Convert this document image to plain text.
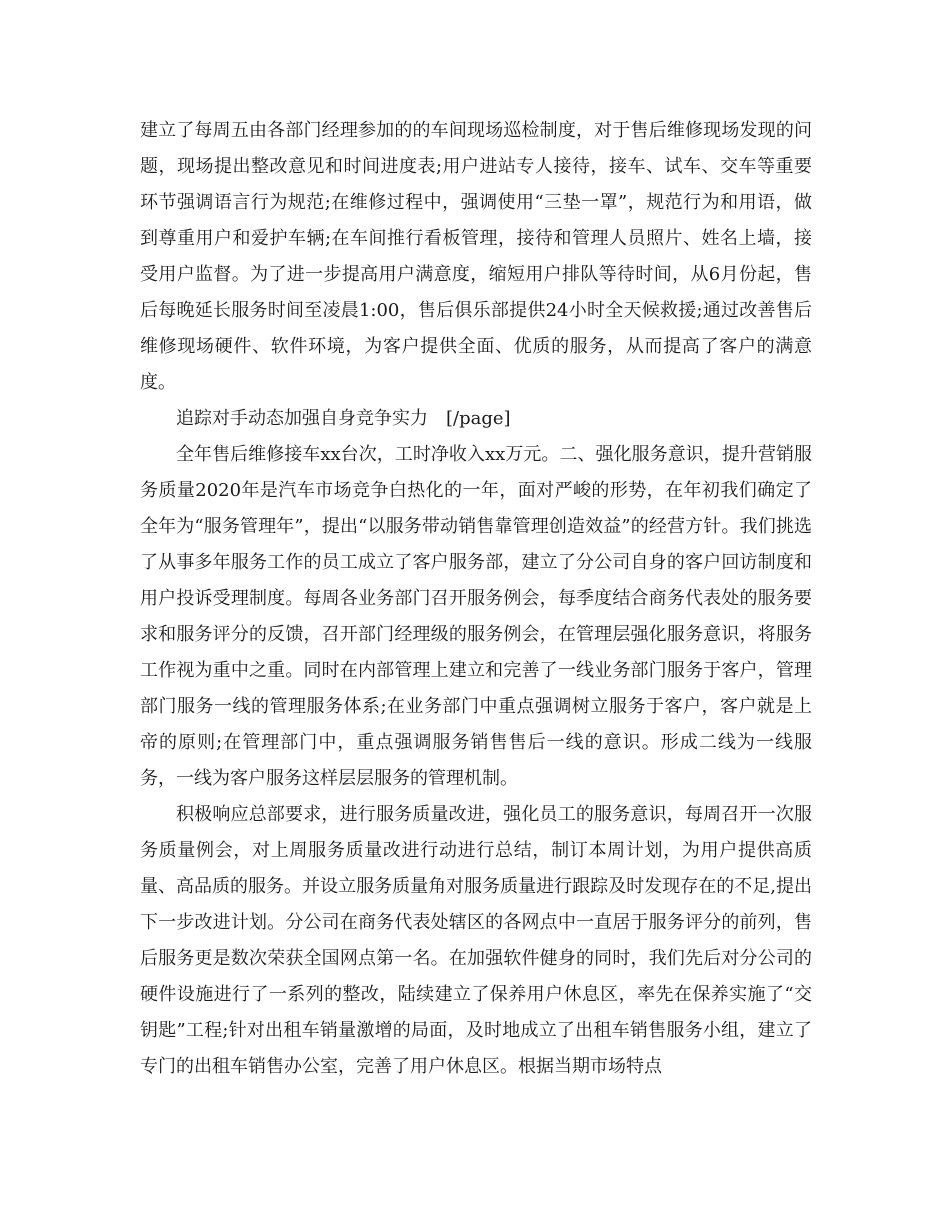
建立了每周五由各部门经理参加的的车间现场巡检制度，对于售后维修现场发现的问题，现场提出整改意见和时间进度表;用户进站专人接待，接车、试车、交车等重要环节强调语言行为规范;在维修过程中，强调使用“三垫一罩”，规范行为和用语，做到尊重用户和爱护车辆;在车间推行看板管理，接待和管理人员照片、姓名上墙，接受用户监督。为了进一步提高用户满意度，缩短用户排队等待时间，从6月份起，售后每晚延长服务时间至凌晨1:00，售后俱乐部提供24小时全天候救援;通过改善售后维修现场硬件、软件环境，为客户提供全面、优质的服务，从而提高了客户的满意度。

追踪对手动态加强自身竞争实力　[/page]

全年售后维修接车xx台次，工时净收入xx万元。二、强化服务意识，提升营销服务质量2020年是汽车市场竞争白热化的一年，面对严峻的形势，在年初我们确定了全年为“服务管理年”，提出“以服务带动销售靠管理创造效益”的经营方针。我们挑选了从事多年服务工作的员工成立了客户服务部，建立了分公司自身的客户回访制度和用户投诉受理制度。每周各业务部门召开服务例会，每季度结合商务代表处的服务要求和服务评分的反馈，召开部门经理级的服务例会，在管理层强化服务意识，将服务工作视为重中之重。同时在内部管理上建立和完善了一线业务部门服务于客户，管理部门服务一线的管理服务体系;在业务部门中重点强调树立服务于客户，客户就是上帝的原则;在管理部门中，重点强调服务销售售后一线的意识。形成二线为一线服务，一线为客户服务这样层层服务的管理机制。

积极响应总部要求，进行服务质量改进，强化员工的服务意识，每周召开一次服务质量例会，对上周服务质量改进行动进行总结，制订本周计划，为用户提供高质量、高品质的服务。并设立服务质量角对服务质量进行跟踪及时发现存在的不足,提出下一步改进计划。分公司在商务代表处辖区的各网点中一直居于服务评分的前列，售后服务更是数次荣获全国网点第一名。在加强软件健身的同时，我们先后对分公司的硬件设施进行了一系列的整改，陆续建立了保养用户休息区，率先在保养实施了“交钥匙”工程;针对出租车销量激增的局面，及时地成立了出租车销售服务小组，建立了专门的出租车销售办公室，完善了用户休息区。根据当期市场特点
